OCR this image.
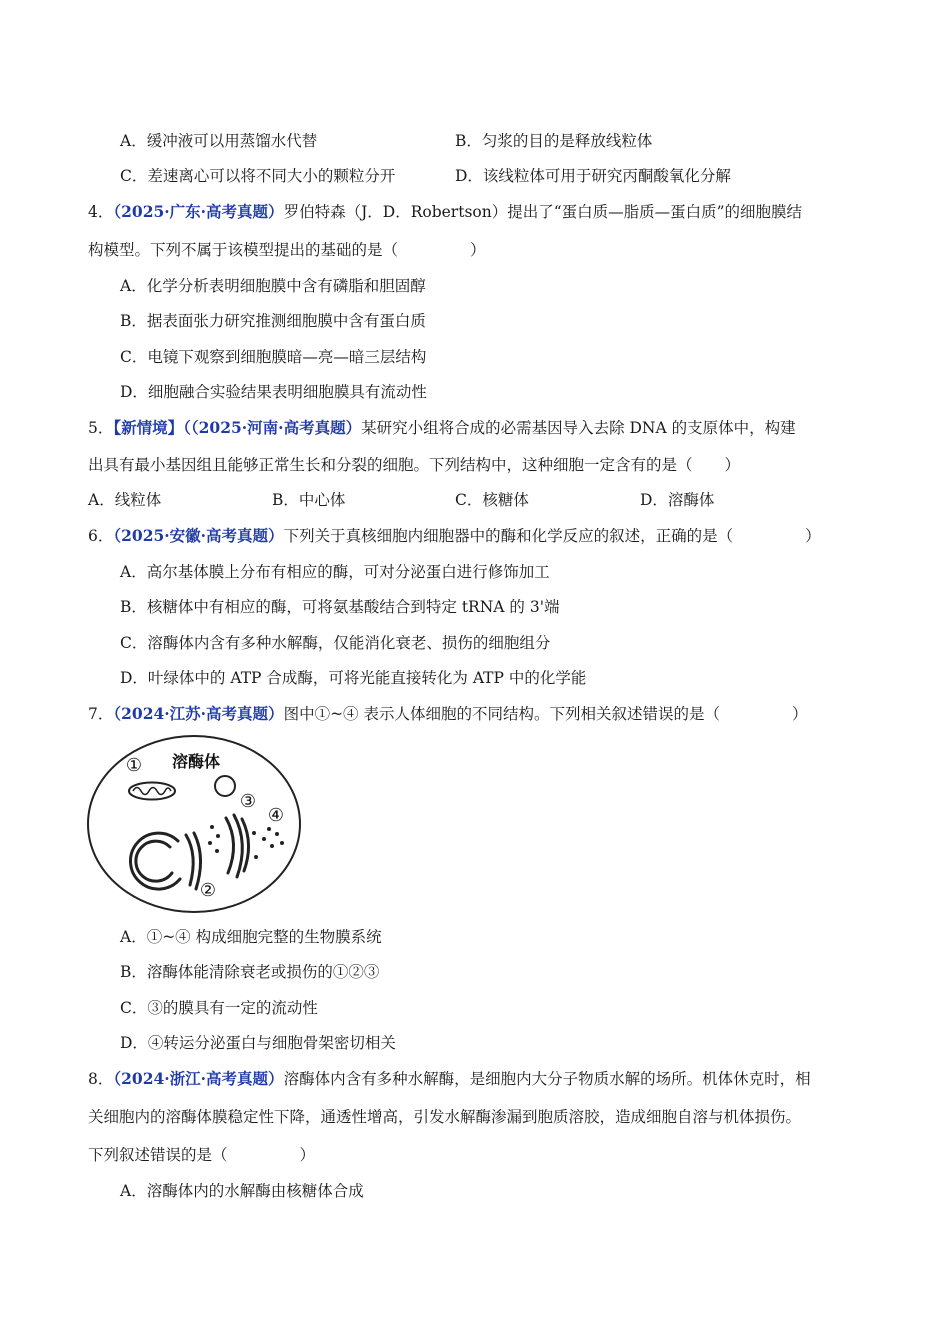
A．缓冲液可以用蒸馏水代替	B．匀浆的目的是释放线粒体
C．差速离心可以将不同大小的颗粒分开	D．该线粒体可用于研究丙酮酸氧化分解
4．（2025·广东·高考真题）罗伯特森（J．D．Robertson）提出了“蛋白质—脂质—蛋白质”的细胞膜结
构模型。下列不属于该模型提出的基础的是（	）
A．化学分析表明细胞膜中含有磷脂和胆固醇
B．据表面张力研究推测细胞膜中含有蛋白质
C．电镜下观察到细胞膜暗—亮—暗三层结构
D．细胞融合实验结果表明细胞膜具有流动性
5．【新情境】（（2025·河南·高考真题）某研究小组将合成的必需基因导入去除 DNA 的支原体中，构建
出具有最小基因组且能够正常生长和分裂的细胞。下列结构中，这种细胞一定含有的是（ ）
A．线粒体	B．中心体	C．核糖体	D．溶酶体
6．（2025·安徽·高考真题）下列关于真核细胞内细胞器中的酶和化学反应的叙述，正确的是（	）
A．高尔基体膜上分布有相应的酶，可对分泌蛋白进行修饰加工
B．核糖体中有相应的酶，可将氨基酸结合到特定 tRNA 的 3'端
C．溶酶体内含有多种水解酶，仅能消化衰老、损伤的细胞组分
D．叶绿体中的 ATP 合成酶，可将光能直接转化为 ATP 中的化学能
7．（2024·江苏·高考真题）图中①~④ 表示人体细胞的不同结构。下列相关叙述错误的是（	）
① 溶酶体
③
④
②
A．①~④ 构成细胞完整的生物膜系统
B．溶酶体能清除衰老或损伤的①②③
C．③的膜具有一定的流动性
D．④转运分泌蛋白与细胞骨架密切相关
8．（2024·浙江·高考真题）溶酶体内含有多种水解酶，是细胞内大分子物质水解的场所。机体休克时，相
关细胞内的溶酶体膜稳定性下降，通透性增高，引发水解酶渗漏到胞质溶胶，造成细胞自溶与机体损伤。
下列叙述错误的是（	）
A．溶酶体内的水解酶由核糖体合成
